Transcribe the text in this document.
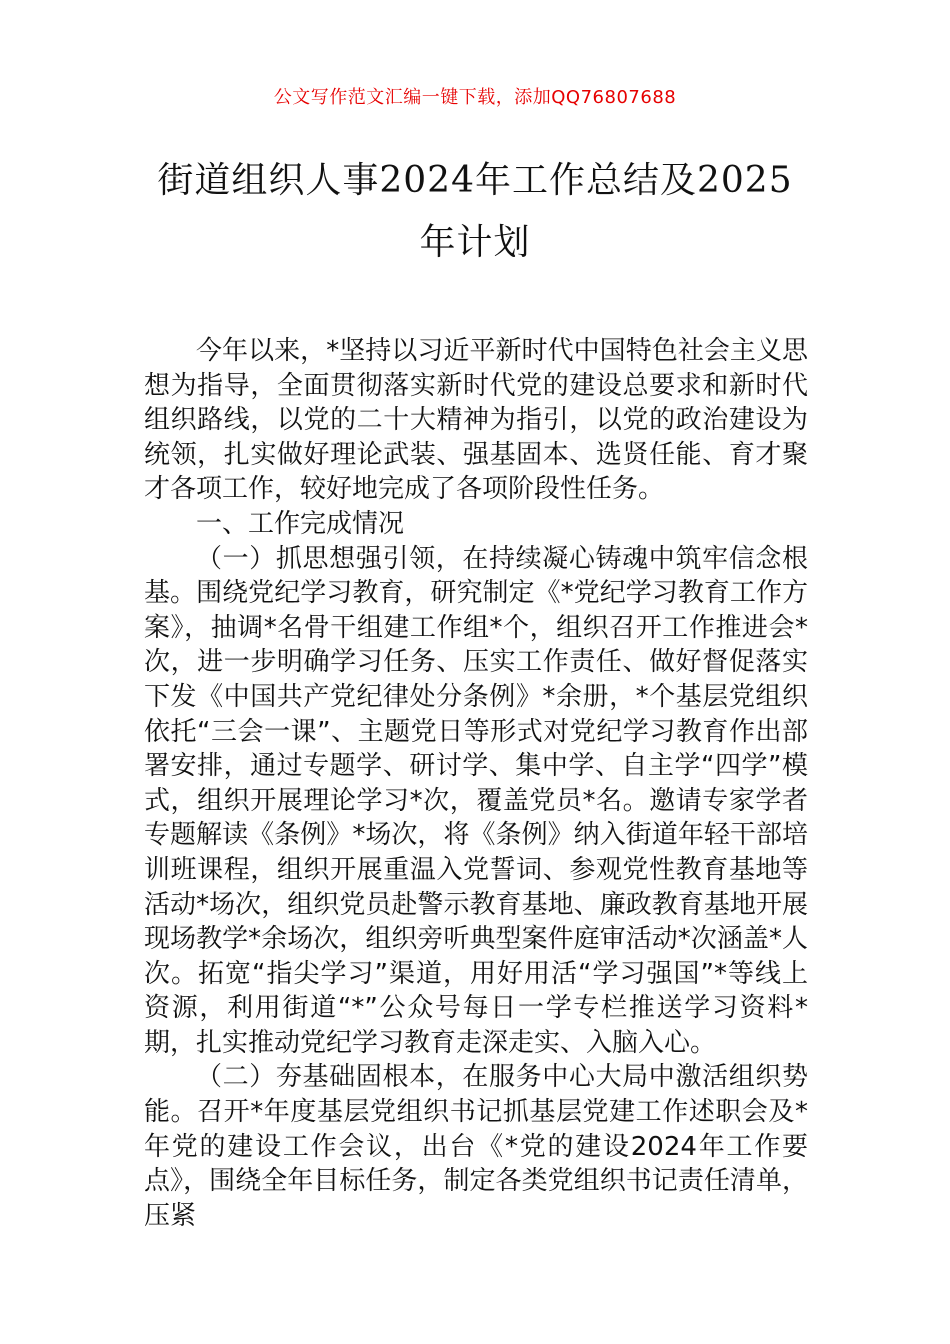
公文写作范文汇编一键下载，添加QQ76807688
街道组织人事2024年工作总结及2025年计划

今年以来，*坚持以习近平新时代中国特色社会主义思想为指导，全面贯彻落实新时代党的建设总要求和新时代组织路线，以党的二十大精神为指引，以党的政治建设为统领，扎实做好理论武装、强基固本、选贤任能、育才聚才各项工作，较好地完成了各项阶段性任务。

一、工作完成情况

（一）抓思想强引领，在持续凝心铸魂中筑牢信念根基。围绕党纪学习教育，研究制定《*党纪学习教育工作方案》，抽调*名骨干组建工作组*个，组织召开工作推进会*次，进一步明确学习任务、压实工作责任、做好督促落实下发《中国共产党纪律处分条例》*余册，*个基层党组织依托“三会一课”、主题党日等形式对党纪学习教育作出部署安排，通过专题学、研讨学、集中学、自主学“四学”模式，组织开展理论学习*次，覆盖党员*名。邀请专家学者专题解读《条例》*场次，将《条例》纳入街道年轻干部培训班课程，组织开展重温入党誓词、参观党性教育基地等活动*场次，组织党员赴警示教育基地、廉政教育基地开展现场教学*余场次，组织旁听典型案件庭审活动*次涵盖*人次。拓宽“指尖学习”渠道，用好用活“学习强国”*等线上资源，利用街道“*”公众号每日一学专栏推送学习资料*期，扎实推动党纪学习教育走深走实、入脑入心。

（二）夯基础固根本，在服务中心大局中激活组织势能。召开*年度基层党组织书记抓基层党建工作述职会及*年党的建设工作会议，出台《*党的建设2024年工作要点》，围绕全年目标任务，制定各类党组织书记责任清单，压紧
